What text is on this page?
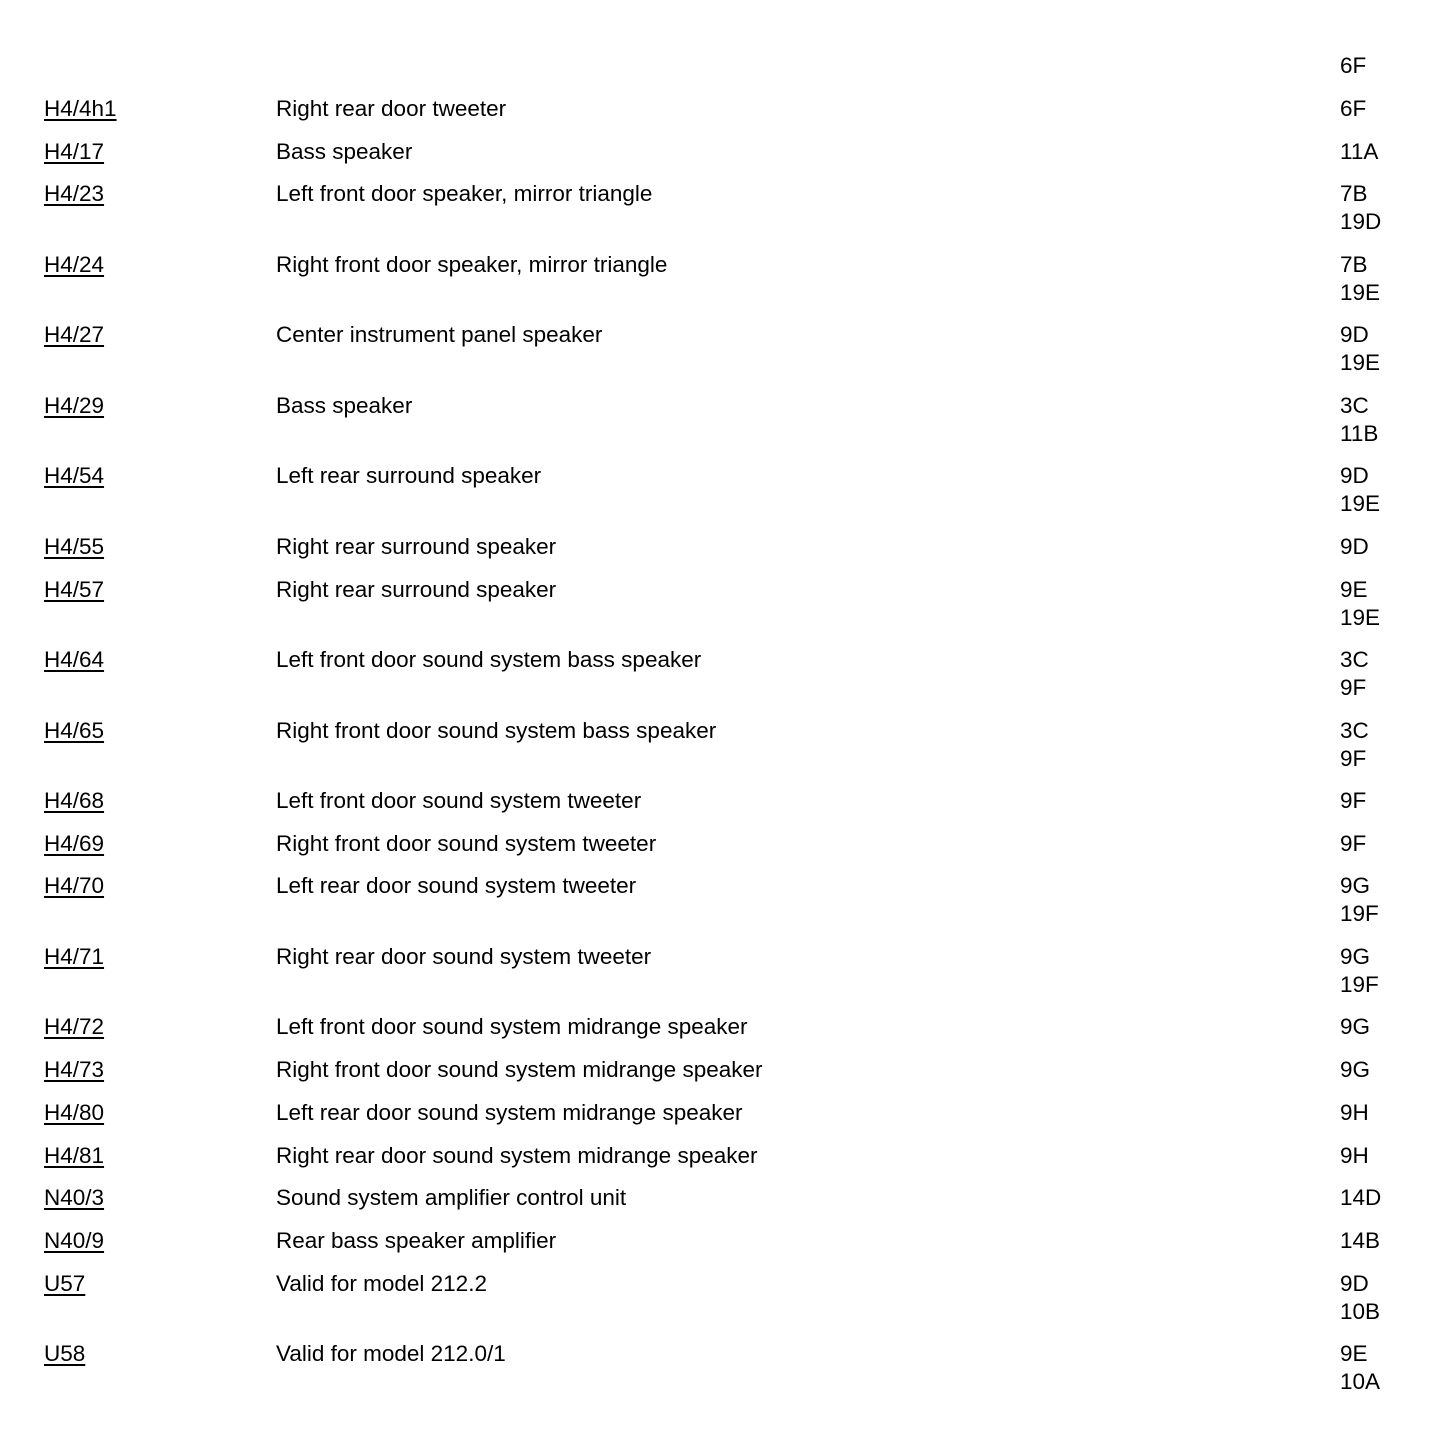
6F
H4/4h1	Right rear door tweeter	6F
H4/17	Bass speaker	11A
H4/23	Left front door speaker, mirror triangle	7B
19D
H4/24	Right front door speaker, mirror triangle	7B
19E
H4/27	Center instrument panel speaker	9D
19E
H4/29	Bass speaker	3C
11B
H4/54	Left rear surround speaker	9D
19E
H4/55	Right rear surround speaker	9D
H4/57	Right rear surround speaker	9E
19E
H4/64	Left front door sound system bass speaker	3C
9F
H4/65	Right front door sound system bass speaker	3C
9F
H4/68	Left front door sound system tweeter	9F
H4/69	Right front door sound system tweeter	9F
H4/70	Left rear door sound system tweeter	9G
19F
H4/71	Right rear door sound system tweeter	9G
19F
H4/72	Left front door sound system midrange speaker	9G
H4/73	Right front door sound system midrange speaker	9G
H4/80	Left rear door sound system midrange speaker	9H
H4/81	Right rear door sound system midrange speaker	9H
N40/3	Sound system amplifier control unit	14D
N40/9	Rear bass speaker amplifier	14B
U57	Valid for model 212.2	9D
10B
U58	Valid for model 212.0/1	9E
10A
